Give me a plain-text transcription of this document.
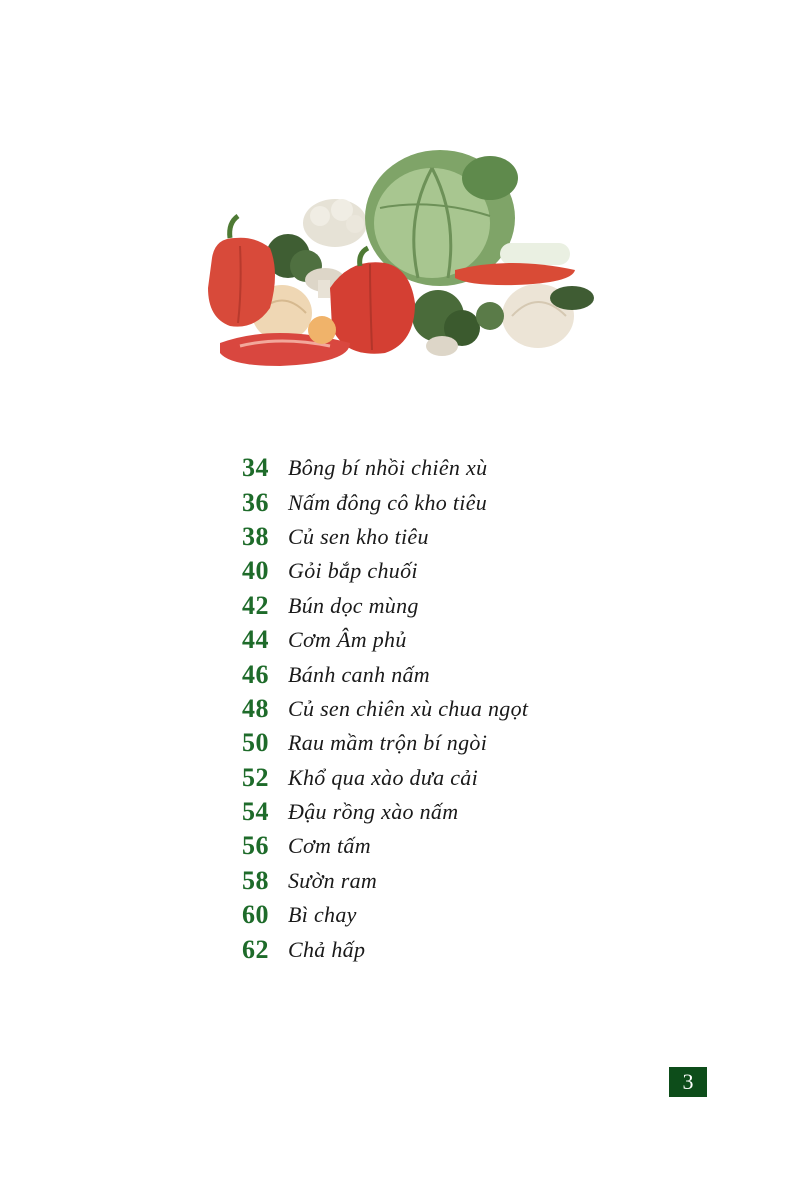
34 Bông bí nhồi chiên xù
36 Nấm đông cô kho tiêu
38 Củ sen kho tiêu
40 Gỏi bắp chuối
42 Bún dọc mùng
44 Cơm Âm phủ
46 Bánh canh nấm
48 Củ sen chiên xù chua ngọt
50 Rau mầm trộn bí ngòi
52 Khổ qua xào dưa cải
54 Đậu rồng xào nấm
56 Cơm tấm
58 Sườn ram
60 Bì chay
62 Chả hấp
3
